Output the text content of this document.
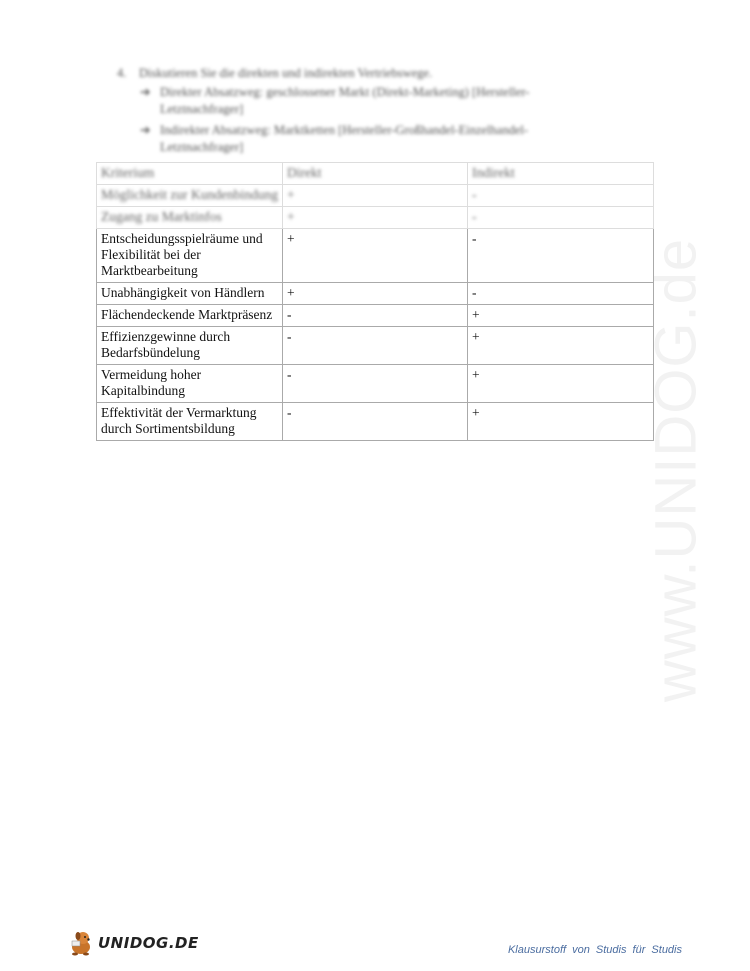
www.UNIDOG.de
4. Diskutieren Sie die direkten und indirekten Vertriebswege.
➔ Direkter Absatzweg: geschlossener Markt (Direkt-Marketing) [Hersteller-Letztnachfrager]
➔ Indirekter Absatzweg: Marktketten [Hersteller-Großhandel-Einzelhandel-Letztnachfrager]
Kriterium	Direkt	Indirekt
Möglichkeit zur Kundenbindung	+	-
Zugang zu Marktinfos	+	-
Entscheidungsspielräume und Flexibilität bei der Marktbearbeitung	+	-
Unabhängigkeit von Händlern	+	-
Flächendeckende Marktpräsenz	-	+
Effizienzgewinne durch Bedarfsbündelung	-	+
Vermeidung hoher Kapitalbindung	-	+
Effektivität der Vermarktung durch Sortimentsbildung	-	+
UNIDOG.DE	Klausurstoff von Studis für Studis
